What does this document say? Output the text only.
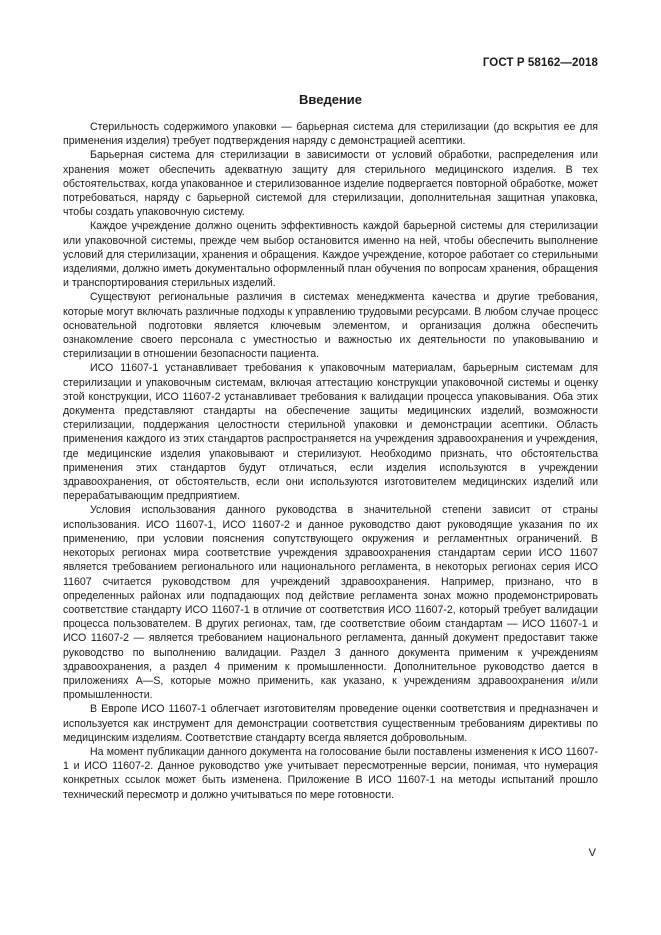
ГОСТ Р 58162—2018
Введение

Стерильность содержимого упаковки — барьерная система для стерилизации (до вскрытия ее для применения изделия) требует подтверждения наряду с демонстрацией асептики.

Барьерная система для стерилизации в зависимости от условий обработки, распределения или хранения может обеспечить адекватную защиту для стерильного медицинского изделия. В тех обстоятельствах, когда упакованное и стерилизованное изделие подвергается повторной обработке, может потребоваться, наряду с барьерной системой для стерилизации, дополнительная защитная упаковка, чтобы создать упаковочную систему.

Каждое учреждение должно оценить эффективность каждой барьерной системы для стерилизации или упаковочной системы, прежде чем выбор остановится именно на ней, чтобы обеспечить выполнение условий для стерилизации, хранения и обращения. Каждое учреждение, которое работает со стерильными изделиями, должно иметь документально оформленный план обучения по вопросам хранения, обращения и транспортирования стерильных изделий.

Существуют региональные различия в системах менеджмента качества и другие требования, которые могут включать различные подходы к управлению трудовыми ресурсами. В любом случае процесс основательной подготовки является ключевым элементом, и организация должна обеспечить ознакомление своего персонала с уместностью и важностью их деятельности по упаковыванию и стерилизации в отношении безопасности пациента.

ИСО 11607-1 устанавливает требования к упаковочным материалам, барьерным системам для стерилизации и упаковочным системам, включая аттестацию конструкции упаковочной системы и оценку этой конструкции, ИСО 11607-2 устанавливает требования к валидации процесса упаковывания. Оба этих документа представляют стандарты на обеспечение защиты медицинских изделий, возможности стерилизации, поддержания целостности стерильной упаковки и демонстрации асептики. Область применения каждого из этих стандартов распространяется на учреждения здравоохранения и учреждения, где медицинские изделия упаковывают и стерилизуют. Необходимо признать, что обстоятельства применения этих стандартов будут отличаться, если изделия используются в учреждении здравоохранения, от обстоятельств, если они используются изготовителем медицинских изделий или перерабатывающим предприятием.

Условия использования данного руководства в значительной степени зависит от страны использования. ИСО 11607-1, ИСО 11607-2 и данное руководство дают руководящие указания по их применению, при условии пояснения сопутствующего окружения и регламентных ограничений. В некоторых регионах мира соответствие учреждения здравоохранения стандартам серии ИСО 11607 является требованием регионального или национального регламента, в некоторых регионах серия ИСО 11607 считается руководством для учреждений здравоохранения. Например, признано, что в определенных районах или подпадающих под действие регламента зонах можно продемонстрировать соответствие стандарту ИСО 11607-1 в отличие от соответствия ИСО 11607-2, который требует валидации процесса пользователем. В других регионах, там, где соответствие обоим стандартам — ИСО 11607-1 и ИСО 11607-2 — является требованием национального регламента, данный документ предоставит также руководство по выполнению валидации. Раздел 3 данного документа применим к учреждениям здравоохранения, а раздел 4 применим к промышленности. Дополнительное руководство дается в приложениях А—S, которые можно применить, как указано, к учреждениям здравоохранения и/или промышленности.

В Европе ИСО 11607-1 облегчает изготовителям проведение оценки соответствия и предназначен и используется как инструмент для демонстрации соответствия существенным требованиям директивы по медицинским изделиям. Соответствие стандарту всегда является добровольным.

На момент публикации данного документа на голосование были поставлены изменения к ИСО 11607-1 и ИСО 11607-2. Данное руководство уже учитывает пересмотренные версии, понимая, что нумерация конкретных ссылок может быть изменена. Приложение В ИСО 11607-1 на методы испытаний прошло технический пересмотр и должно учитываться по мере готовности.

V
